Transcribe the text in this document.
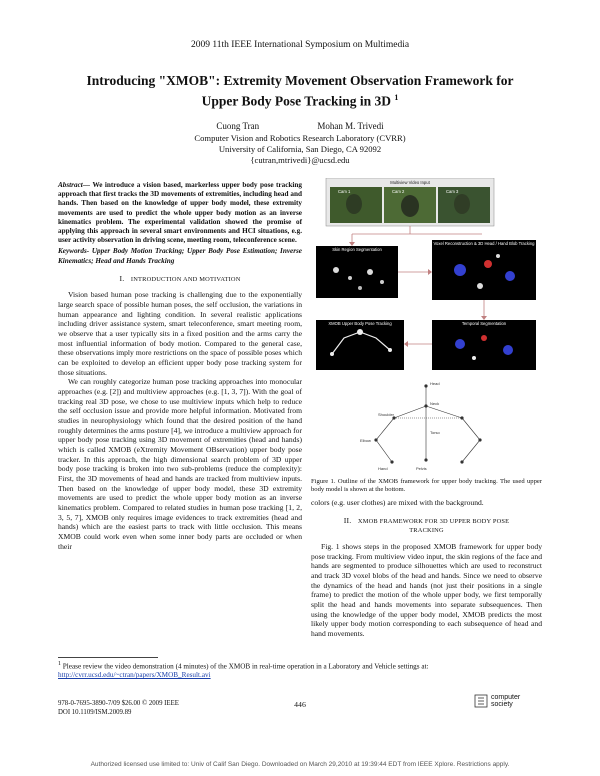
2009 11th IEEE International Symposium on Multimedia
Introducing "XMOB": Extremity Movement Observation Framework for
Upper Body Pose Tracking in 3D $^1$
Cuong Tran	Mohan M. Trivedi
Computer Vision and Robotics Research Laboratory (CVRR)
University of California, San Diego, CA 92092
{cutran,mtrivedi}@ucsd.edu
Abstract— We introduce a vision based, markerless upper body pose tracking approach that first tracks the 3D movements of extremities, including head and hands. Then based on the knowledge of upper body model, these extremity movements are used to predict the whole upper body motion as an inverse kinematics problem. The experimental validation showed the promise of applying this approach in several smart environments and HCI situations, e.g. user activity observation in driving scene, meeting room, teleconference scene.
Keywords- Upper Body Motion Tracking; Upper Body Pose Estimation; Inverse Kinematics; Head and Hands Tracking
I. INTRODUCTION AND MOTIVATION

Vision based human pose tracking is challenging due to the exponentially large search space of possible human poses, the self occlusion, the variations in human appearance and lighting condition. In several realistic applications including driver assistance system, smart teleconference, smart meeting room, we observe that a user typically sits in a fixed position and the arms carry the most influential information of body motion. Compared to the general case, these observations imply more restrictions on the space of possible poses which can be exploited to develop an efficient upper body pose tracking system for those situations.

We can roughly categorize human pose tracking approaches into monocular approaches (e.g. [2]) and multiview approaches (e.g. [1, 3, 7]). With the goal of tracking real 3D pose, we chose to use multiview inputs which help to reduce the self occlusion issue and provide more helpful information. Motivated from studies in neurophysiology which found that the desired position of the hand roughly determines the arms posture [4], we introduce a multiview approach for upper body pose tracking using 3D movement of extremities (head and hands) which is called XMOB (eXtremity Movement OBservation) upper body pose tracker. In this approach, the high dimensional search problem of 3D upper body pose tracking is broken into two sub-problems (reduce the complexity): First, the 3D movements of head and hands are tracked from multiview inputs. Then based on the knowledge of upper body model, these 3D extremity movements are used to predict the whole upper body motion as an inverse kinematics problem. Compared to related studies in human pose tracking [1, 2, 3, 5, 7], XMOB only requires image evidences to track extremities (head and hands) which are the easiest parts to track with little occlusion. This means XMOB could work even when some inner body parts are occluded or when their

Multiview Video Input
Cam 1	Cam 2	Cam 3
Skin Region Segmentation
Voxel Reconstruction & 3D Head / Hand Blob Tracking
Temporal Segmentation
XMOB Upper Body Pose Tracking
Head
Neck
Shoulder
Elbow
Hand
Torso
Pelvis
Figure 1. Outline of the XMOB framework for upper body tracking. The used upper body model is shown at the bottom.

colors (e.g. user clothes) are mixed with the background.

II. XMOB FRAMEWORK FOR 3D UPPER BODY POSE
TRACKING

Fig. 1 shows steps in the proposed XMOB framework for upper body pose tracking. From multiview video input, the skin regions of the face and hands are segmented to produce silhouettes which are used to reconstruct and track 3D voxel blobs of the head and hands. Since we need to observe the dynamics of the head and hands (not just their positions in a single frame) to predict the motion of the whole upper body, we first temporally split the head and hands movements into separate subsequences. Then using the knowledge of the upper body model, XMOB predicts the most likely upper body motion corresponding to each subsequence of head and hand movements.

$^1$ Please review the video demonstration (4 minutes) of the XMOB in real-time operation in a Laboratory and Vehicle settings at:
http://cvrr.ucsd.edu/~ctran/papers/XMOB_Result.avi
978-0-7695-3890-7/09 $26.00 © 2009 IEEE
DOI 10.1109/ISM.2009.89
446
computer
society
Authorized licensed use limited to: Univ of Calif San Diego. Downloaded on March 29,2010 at 19:39:44 EDT from IEEE Xplore. Restrictions apply.
